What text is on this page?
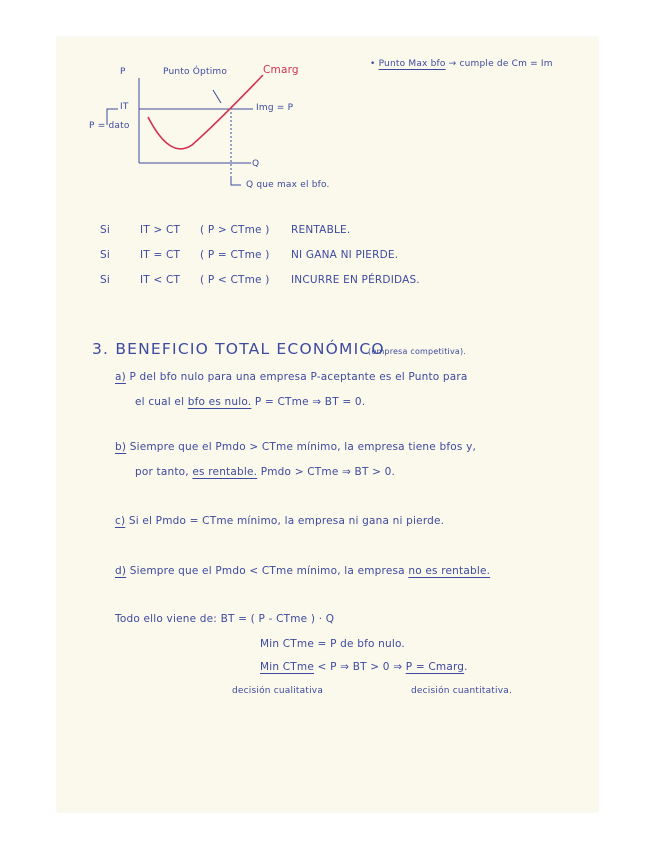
P	Punto Óptimo	Cmarg
IT
P = dato
Img = P
Q
Q que max el bfo.
• Punto Max bfo → cumple de Cm = Im
Si	IT > CT ( P > CTme ) RENTABLE.
Si	IT = CT ( P = CTme ) NI GANA NI PIERDE.
Si	IT < CT ( P < CTme ) INCURRE EN PÉRDIDAS.
3. BENEFICIO TOTAL ECONÓMICO
(empresa competitiva).
a) P del bfo nulo para una empresa P-aceptante es el Punto para
el cual el bfo es nulo. P = CTme ⇒ BT = 0.
b) Siempre que el Pmdo > CTme mínimo, la empresa tiene bfos y,
por tanto, es rentable. Pmdo > CTme ⇒ BT > 0.
c) Si el Pmdo = CTme mínimo, la empresa ni gana ni pierde.
d) Siempre que el Pmdo < CTme mínimo, la empresa no es rentable.
Todo ello viene de: BT = ( P - CTme ) · Q
Min CTme = P de bfo nulo.
Min CTme < P ⇒ BT > 0 ⇒ P = Cmarg.
decisión cualitativa	decisión cuantitativa.
